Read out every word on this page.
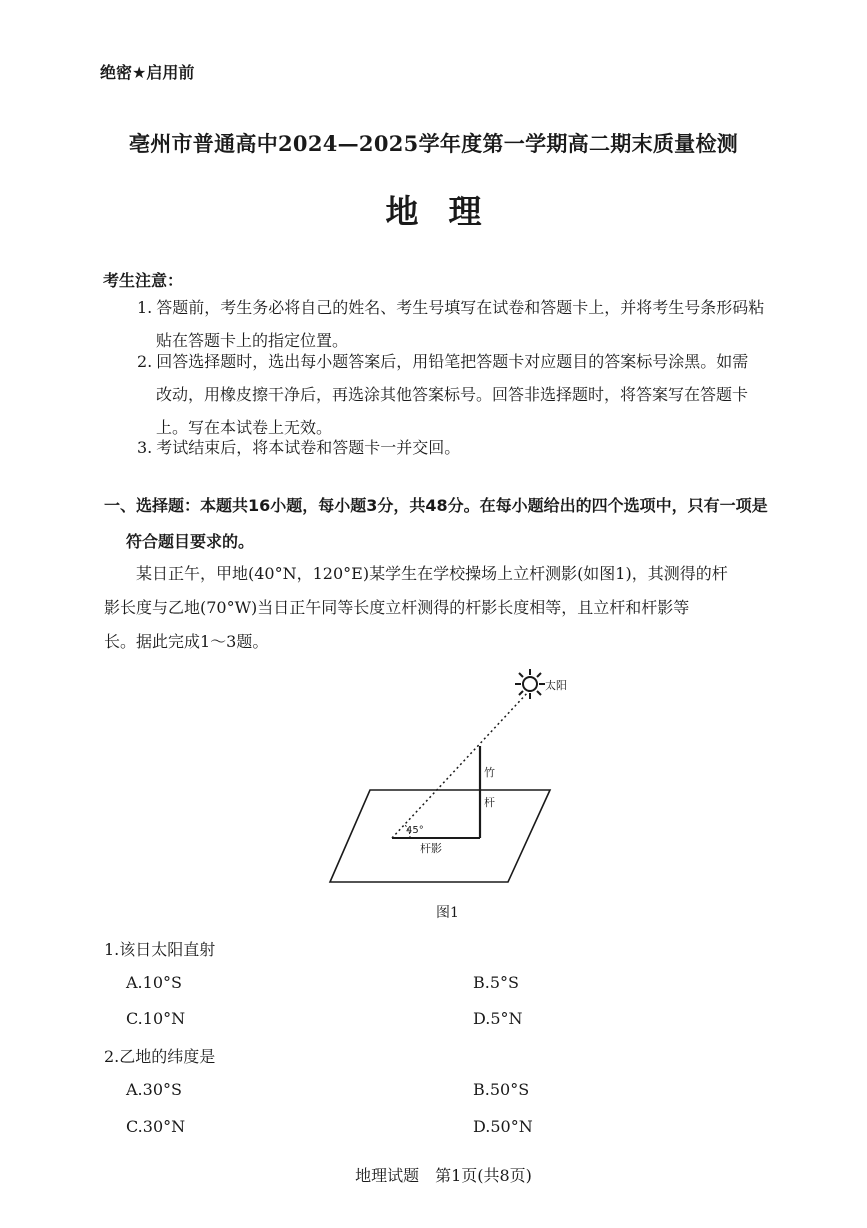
绝密★启用前
亳州市普通高中2024—2025学年度第一学期高二期末质量检测
地理
考生注意：
1. 答题前，考生务必将自己的姓名、考生号填写在试卷和答题卡上，并将考生号条形码粘
贴在答题卡上的指定位置。
2. 回答选择题时，选出每小题答案后，用铅笔把答题卡对应题目的答案标号涂黑。如需
改动，用橡皮擦干净后，再选涂其他答案标号。回答非选择题时，将答案写在答题卡
上。写在本试卷上无效。
3. 考试结束后，将本试卷和答题卡一并交回。
一、选择题：本题共16小题，每小题3分，共48分。在每小题给出的四个选项中，只有一项是
符合题目要求的。
某日正午，甲地(40°N，120°E)某学生在学校操场上立杆测影(如图1)，其测得的杆
影长度与乙地(70°W)当日正午同等长度立杆测得的杆影长度相等，且立杆和杆影等
长。据此完成1～3题。
太阳
竹
杆
45°
杆影
图1
1.该日太阳直射
A.10°S	B.5°S
C.10°N	D.5°N
2.乙地的纬度是
A.30°S	B.50°S
C.30°N	D.50°N
地理试题　第1页(共8页)
